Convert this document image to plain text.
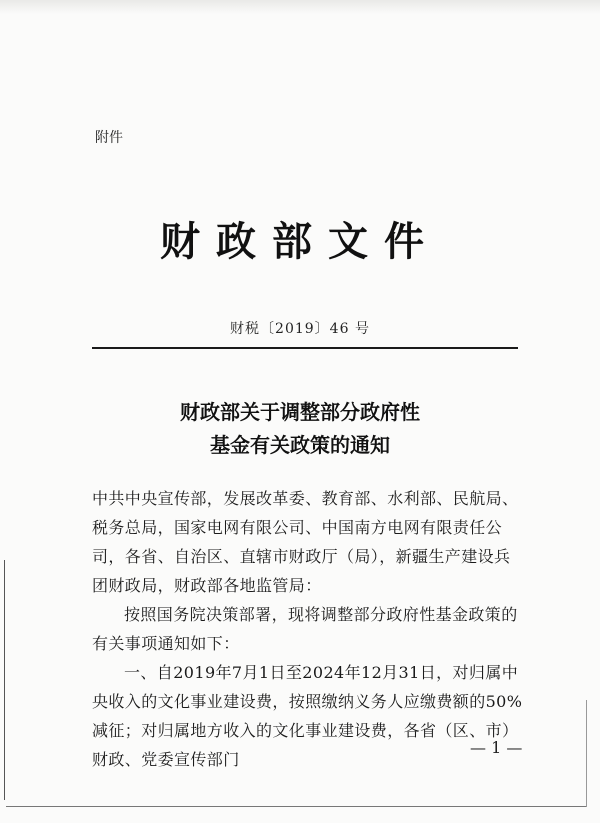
附件
财政部文件
财税〔2019〕46 号
财政部关于调整部分政府性
基金有关政策的通知

中共中央宣传部，发展改革委、教育部、水利部、民航局、税务总局，国家电网有限公司、中国南方电网有限责任公司，各省、自治区、直辖市财政厅（局），新疆生产建设兵团财政局，财政部各地监管局：

按照国务院决策部署，现将调整部分政府性基金政策的有关事项通知如下：

一、自2019年7月1日至2024年12月31日，对归属中央收入的文化事业建设费，按照缴纳义务人应缴费额的50%减征；对归属地方收入的文化事业建设费，各省（区、市）财政、党委宣传部门

— 1 —
